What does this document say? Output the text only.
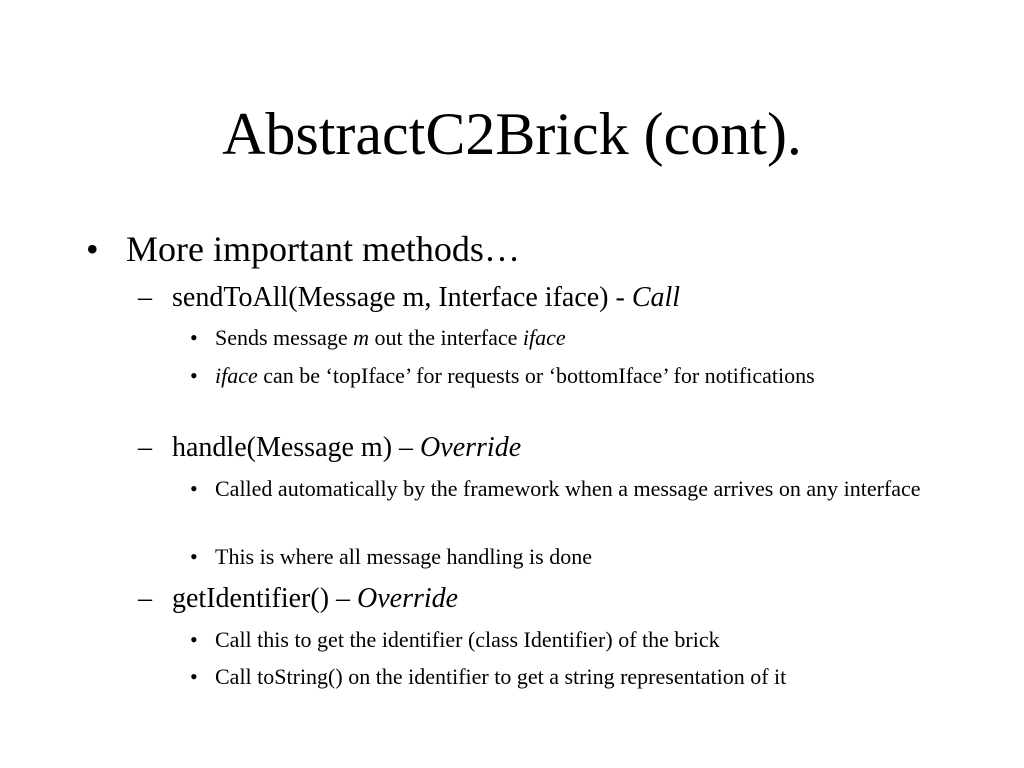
AbstractC2Brick (cont).
• More important methods…
– sendToAll(Message m, Interface iface) - Call
• Sends message m out the interface iface
• iface can be ‘topIface’ for requests or ‘bottomIface’ for notifications
– handle(Message m) – Override
• Called automatically by the framework when a message arrives on any interface
• This is where all message handling is done
– getIdentifier() – Override
• Call this to get the identifier (class Identifier) of the brick
• Call toString() on the identifier to get a string representation of it
